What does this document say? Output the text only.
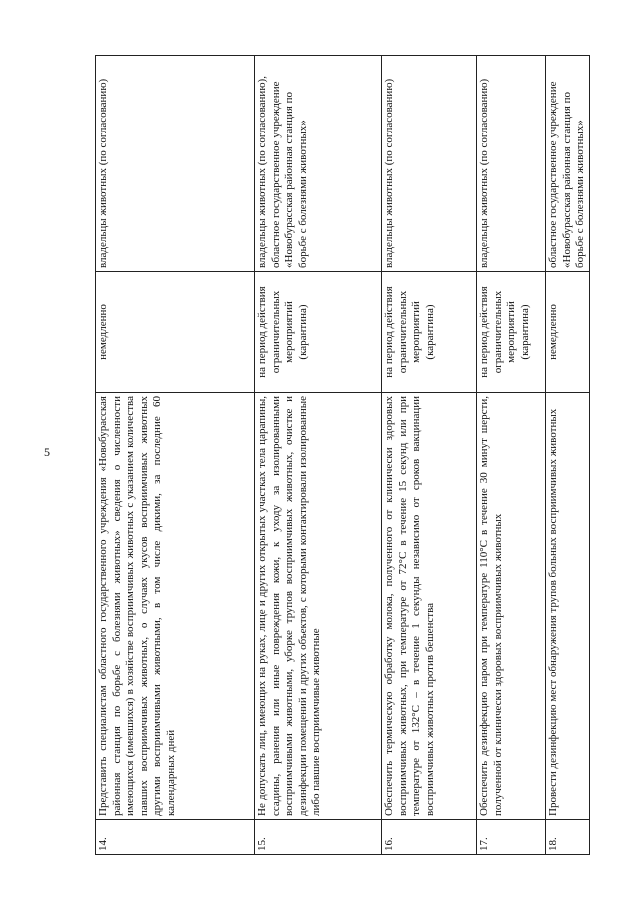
5
14.	Представить специалистам областного государственного учреждения «Новобурасская районная станция по борьбе с болезнями животных» сведения о численности имеющихся (имевшихся) в хозяйстве восприимчивых животных с указанием количества павших восприимчивых животных, о случаях укусов восприимчивых животных другими восприимчивыми животными, в том числе дикими, за последние 60 календарных дней	немедленно	владельцы животных (по согласованию)
15.	Не допускать лиц, имеющих на руках, лице и других открытых участках тела царапины, ссадины, ранения или иные повреждения кожи, к уходу за изолированными восприимчивыми животными, уборке трупов восприимчивых животных, очистке и дезинфекции помещений и других объектов, с которыми контактировали изолированные либо павшие восприимчивые животные	на период действия ограничительных мероприятий (карантина)	владельцы животных (по согласованию), областное государственное учреждение «Новобурасская районная станция по борьбе с болезнями животных»
16.	Обеспечить термическую обработку молока, полученного от клинически здоровых восприимчивых животных, при температуре от 72°С в течение 15 секунд или при температуре от 132°С – в течение 1 секунды независимо от сроков вакцинации восприимчивых животных против бешенства	на период действия ограничительных мероприятий (карантина)	владельцы животных (по согласованию)
17.	Обеспечить дезинфекцию паром при температуре 110°С в течение 30 минут шерсти, полученной от клинически здоровых восприимчивых животных	на период действия ограничительных мероприятий (карантина)	владельцы животных (по согласованию)
18.	Провести дезинфекцию мест обнаружения трупов больных восприимчивых животных	немедленно	областное государственное учреждение «Новобурасская районная станция по борьбе с болезнями животных»
